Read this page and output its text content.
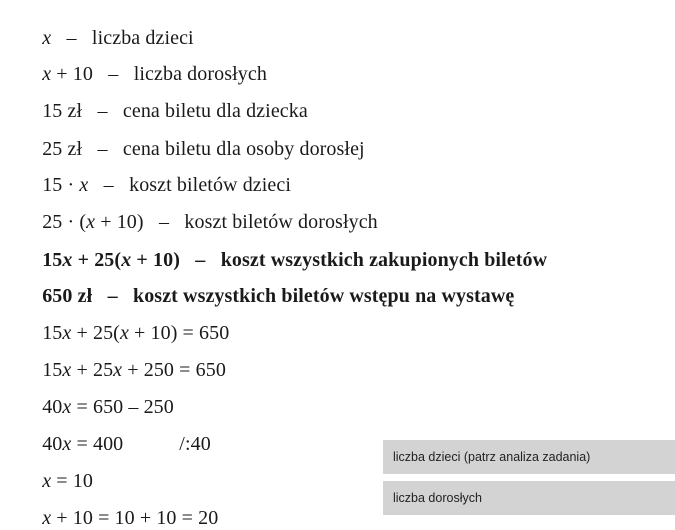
x – liczba dzieci

x + 10 – liczba dorosłych

15 zł – cena biletu dla dziecka

25 zł – cena biletu dla osoby dorosłej

15 · x – koszt biletów dzieci

25 · (x + 10) – koszt biletów dorosłych

15x + 25(x + 10) – koszt wszystkich zakupionych biletów

650 zł – koszt wszystkich biletów wstępu na wystawę

15x + 25(x + 10) = 650

15x + 25x + 250 = 650

40x = 650 – 250

40x = 400	/:40

x = 10

x + 10 = 10 + 10 = 20

liczba dzieci (patrz analiza zadania)
liczba dorosłych
